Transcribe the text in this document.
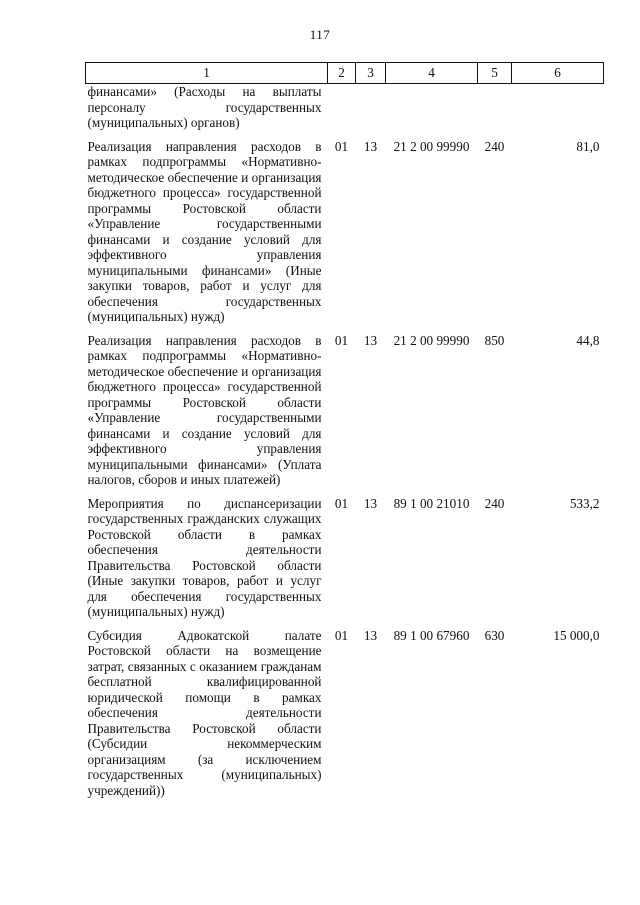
117
1	2	3	4	5	6

финансами» (Расходы на выплаты персоналу государственных (муниципальных) органов)					

Реализация направления расходов в рамках подпрограммы «Нормативно-методическое обеспечение и организация бюджетного процесса» государственной программы Ростовской области «Управление государственными финансами и создание условий для эффективного управления муниципальными финансами» (Иные закупки товаров, работ и услуг для обеспечения государственных (муниципальных) нужд)	01	13	21 2 00 99990	240	81,0

Реализация направления расходов в рамках подпрограммы «Нормативно-методическое обеспечение и организация бюджетного процесса» государственной программы Ростовской области «Управление государственными финансами и создание условий для эффективного управления муниципальными финансами» (Уплата налогов, сборов и иных платежей)	01	13	21 2 00 99990	850	44,8

Мероприятия по диспансеризации государственных гражданских служащих Ростовской области в рамках обеспечения деятельности Правительства Ростовской области (Иные закупки товаров, работ и услуг для обеспечения государственных (муниципальных) нужд)	01	13	89 1 00 21010	240	533,2

Субсидия Адвокатской палате Ростовской области на возмещение затрат, связанных с оказанием гражданам бесплатной квалифицированной юридической помощи в рамках обеспечения деятельности Правительства Ростовской области (Субсидии некоммерческим организациям (за исключением государственных (муниципальных) учреждений))	01	13	89 1 00 67960	630	15 000,0
